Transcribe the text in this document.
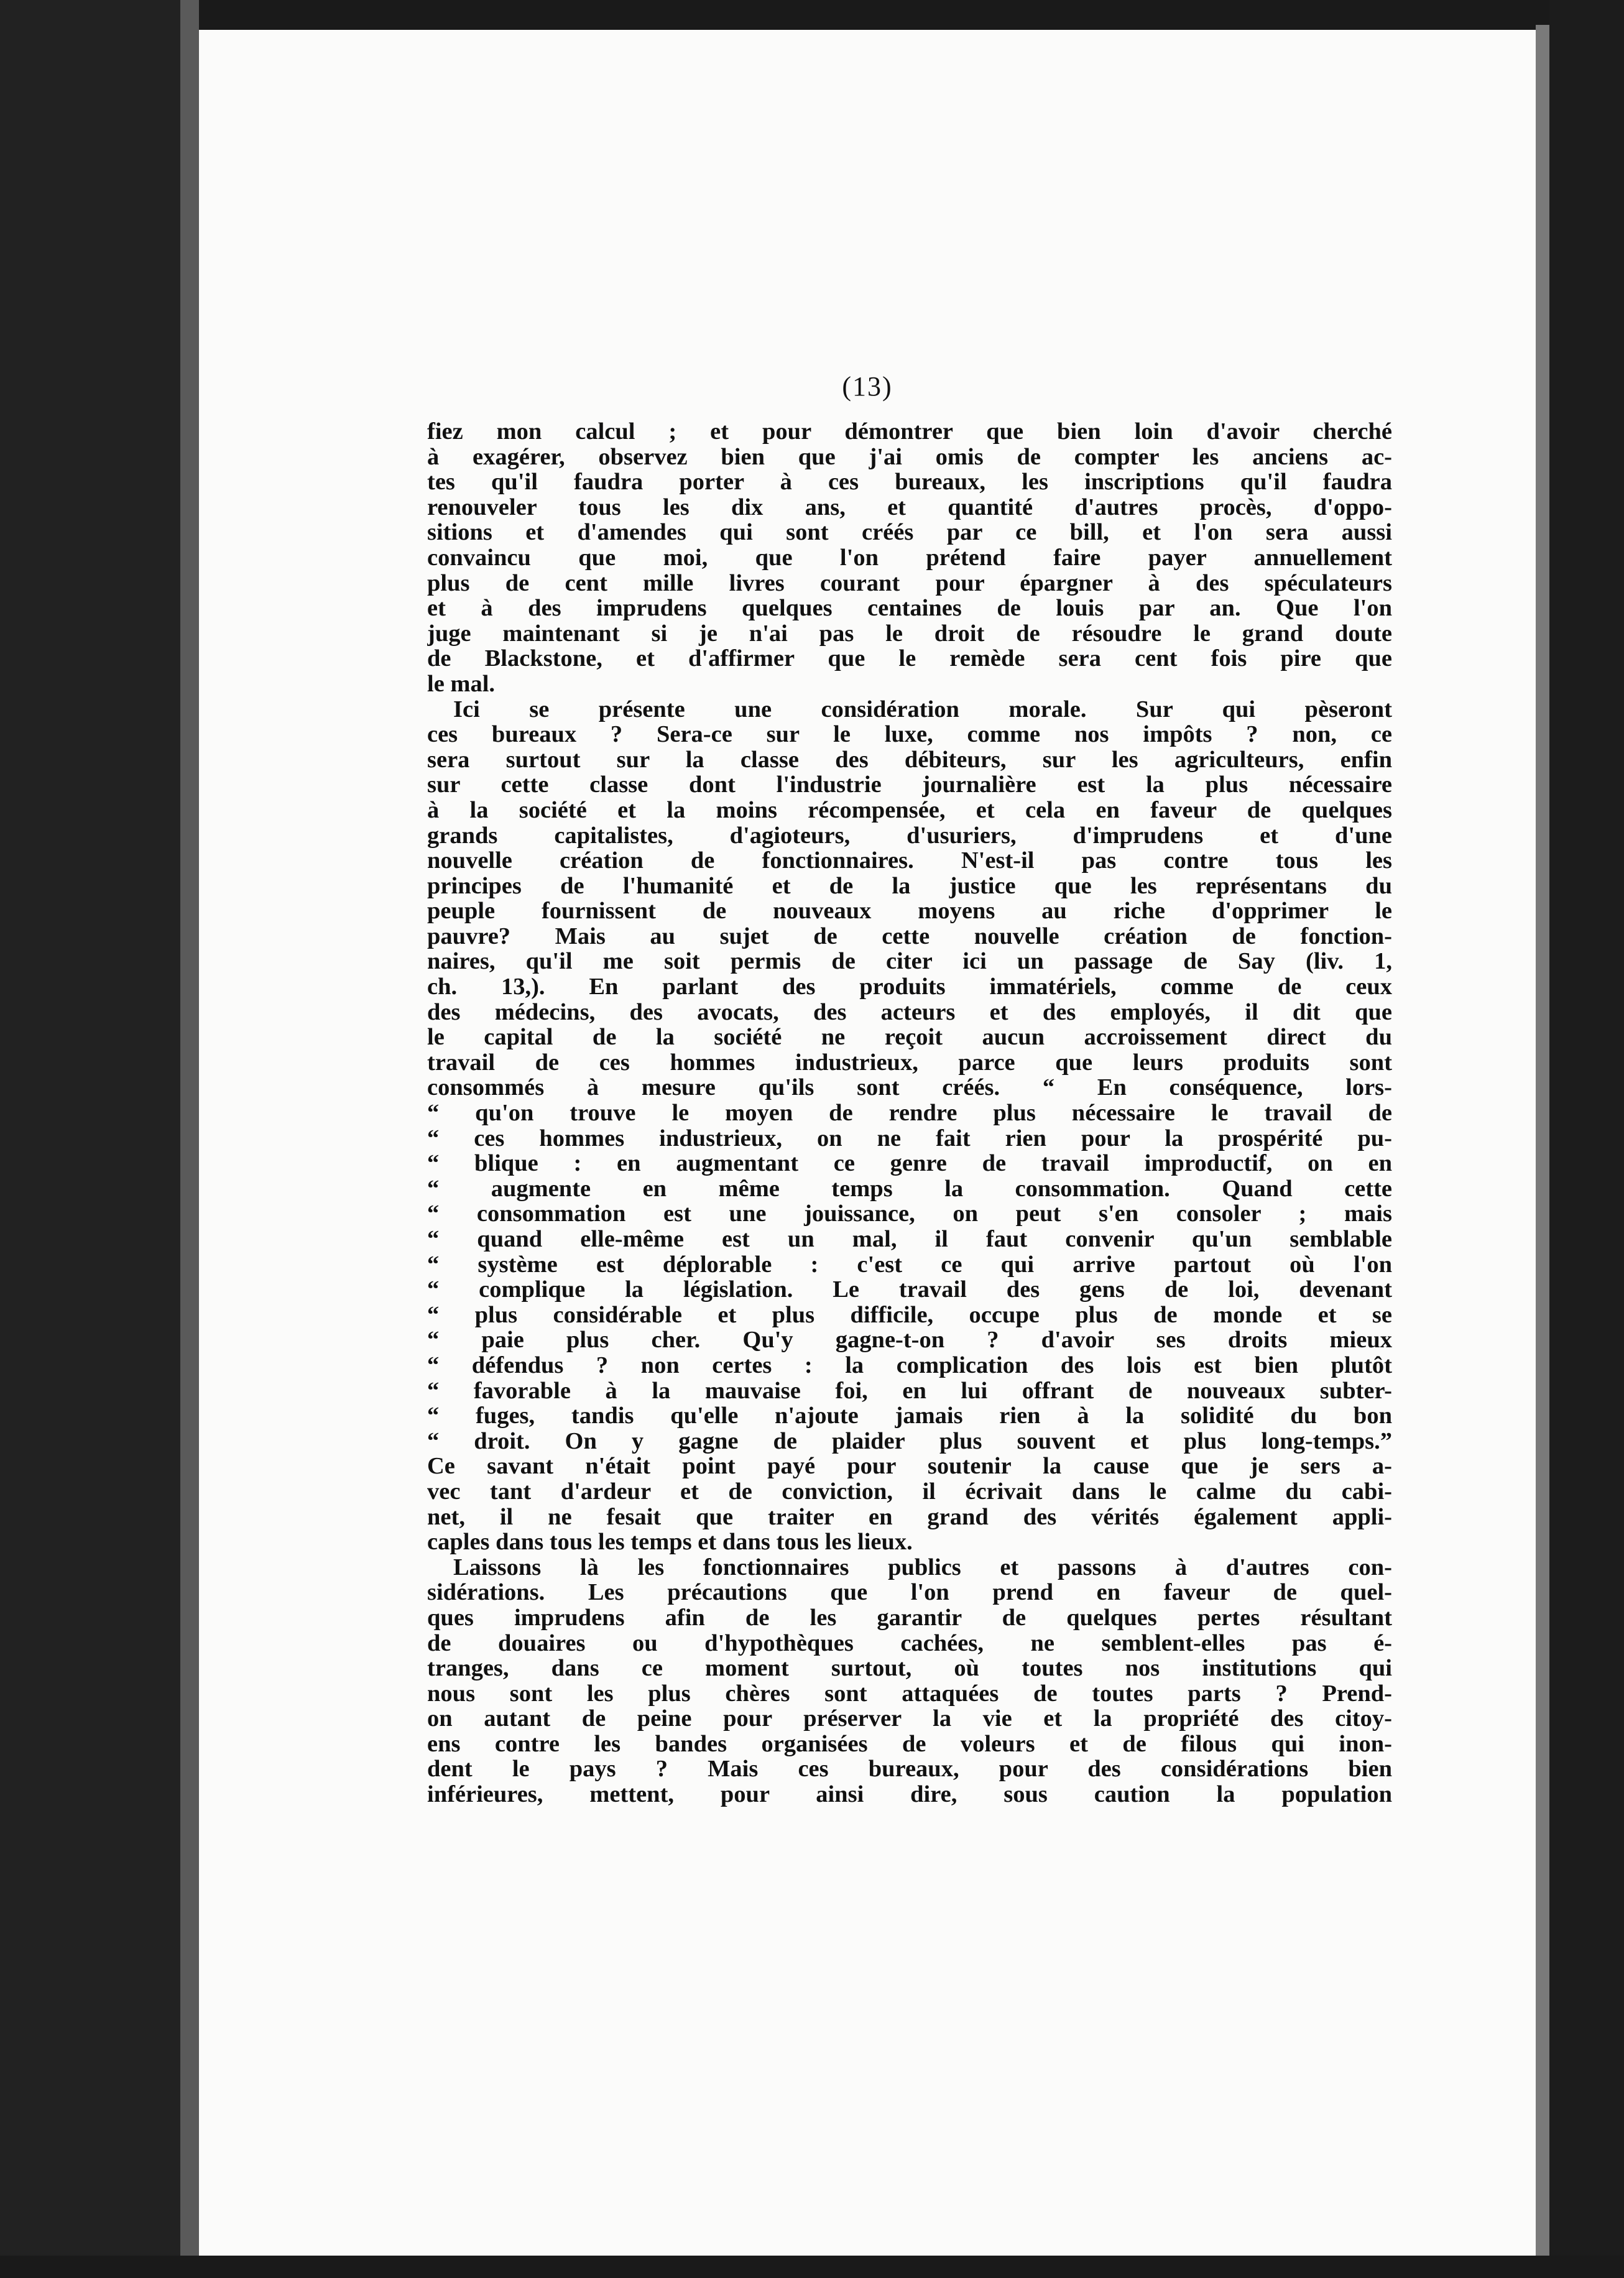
(13)
fiez mon calcul ; et pour démontrer que bien loin d'avoir cherché
à exagérer, observez bien que j'ai omis de compter les anciens ac-
tes qu'il faudra porter à ces bureaux, les inscriptions qu'il faudra
renouveler tous les dix ans, et quantité d'autres procès, d'oppo-
sitions et d'amendes qui sont créés par ce bill, et l'on sera aussi
convaincu que moi, que l'on prétend faire payer annuellement
plus de cent mille livres courant pour épargner à des spéculateurs
et à des imprudens quelques centaines de louis par an. Que l'on
juge maintenant si je n'ai pas le droit de résoudre le grand doute
de Blackstone, et d'affirmer que le remède sera cent fois pire que
le mal.
Ici se présente une considération morale. Sur qui pèseront
ces bureaux ? Sera-ce sur le luxe, comme nos impôts ? non, ce
sera surtout sur la classe des débiteurs, sur les agriculteurs, enfin
sur cette classe dont l'industrie journalière est la plus nécessaire
à la société et la moins récompensée, et cela en faveur de quelques
grands capitalistes, d'agioteurs, d'usuriers, d'imprudens et d'une
nouvelle création de fonctionnaires. N'est-il pas contre tous les
principes de l'humanité et de la justice que les représentans du
peuple fournissent de nouveaux moyens au riche d'opprimer le
pauvre? Mais au sujet de cette nouvelle création de fonction-
naires, qu'il me soit permis de citer ici un passage de Say (liv. 1,
ch. 13,). En parlant des produits immatériels, comme de ceux
des médecins, des avocats, des acteurs et des employés, il dit que
le capital de la société ne reçoit aucun accroissement direct du
travail de ces hommes industrieux, parce que leurs produits sont
consommés à mesure qu'ils sont créés. “ En conséquence, lors-
“ qu'on trouve le moyen de rendre plus nécessaire le travail de
“ ces hommes industrieux, on ne fait rien pour la prospérité pu-
“ blique : en augmentant ce genre de travail improductif, on en
“ augmente en même temps la consommation. Quand cette
“ consommation est une jouissance, on peut s'en consoler ; mais
“ quand elle-même est un mal, il faut convenir qu'un semblable
“ système est déplorable : c'est ce qui arrive partout où l'on
“ complique la législation. Le travail des gens de loi, devenant
“ plus considérable et plus difficile, occupe plus de monde et se
“ paie plus cher. Qu'y gagne-t-on ? d'avoir ses droits mieux
“ défendus ? non certes : la complication des lois est bien plutôt
“ favorable à la mauvaise foi, en lui offrant de nouveaux subter-
“ fuges, tandis qu'elle n'ajoute jamais rien à la solidité du bon
“ droit. On y gagne de plaider plus souvent et plus long-temps.”
Ce savant n'était point payé pour soutenir la cause que je sers a-
vec tant d'ardeur et de conviction, il écrivait dans le calme du cabi-
net, il ne fesait que traiter en grand des vérités également appli-
caples dans tous les temps et dans tous les lieux.
Laissons là les fonctionnaires publics et passons à d'autres con-
sidérations. Les précautions que l'on prend en faveur de quel-
ques imprudens afin de les garantir de quelques pertes résultant
de douaires ou d'hypothèques cachées, ne semblent-elles pas é-
tranges, dans ce moment surtout, où toutes nos institutions qui
nous sont les plus chères sont attaquées de toutes parts ? Prend-
on autant de peine pour préserver la vie et la propriété des citoy-
ens contre les bandes organisées de voleurs et de filous qui inon-
dent le pays ? Mais ces bureaux, pour des considérations bien
inférieures, mettent, pour ainsi dire, sous caution la population
